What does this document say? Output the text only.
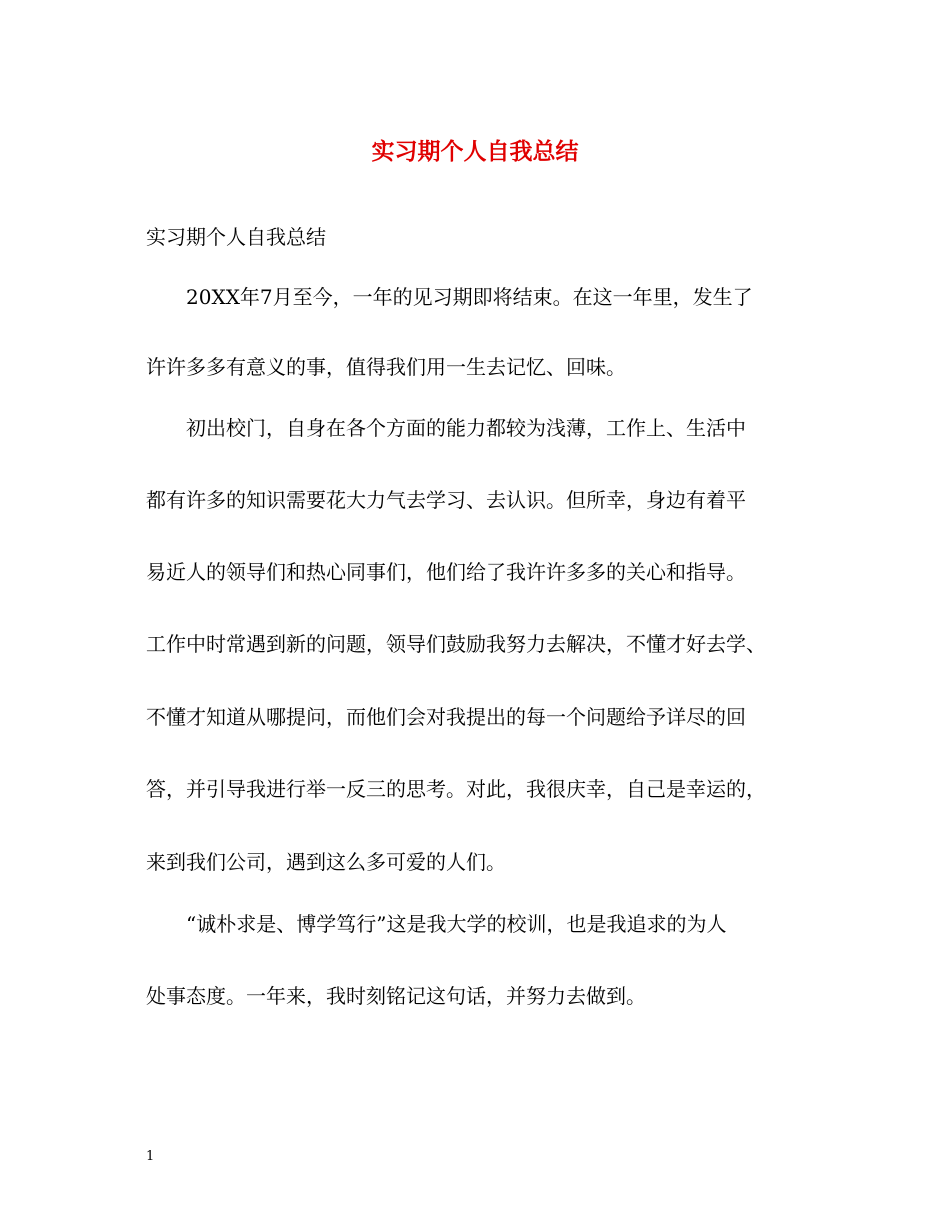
实习期个人自我总结

实习期个人自我总结

20XX年7月至今，一年的见习期即将结束。在这一年里，发生了

许许多多有意义的事，值得我们用一生去记忆、回味。

初出校门，自身在各个方面的能力都较为浅薄，工作上、生活中

都有许多的知识需要花大力气去学习、去认识。但所幸，身边有着平

易近人的领导们和热心同事们，他们给了我许许多多的关心和指导。

工作中时常遇到新的问题，领导们鼓励我努力去解决，不懂才好去学、

不懂才知道从哪提问，而他们会对我提出的每一个问题给予详尽的回

答，并引导我进行举一反三的思考。对此，我很庆幸，自己是幸运的，

来到我们公司，遇到这么多可爱的人们。

“诚朴求是、博学笃行”这是我大学的校训，也是我追求的为人

处事态度。一年来，我时刻铭记这句话，并努力去做到。

1
